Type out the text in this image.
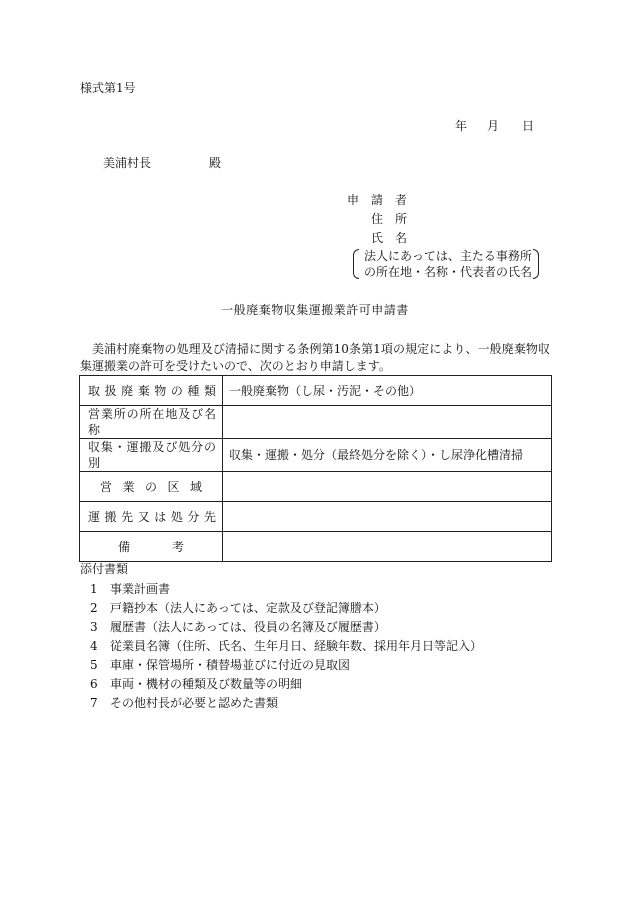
様式第1号
年 月 日
美浦村長	殿
申　請　者
住　所
氏　名
法人にあっては、主たる事務所
の所在地・名称・代表者の氏名
一般廃棄物収集運搬業許可申請書
美浦村廃棄物の処理及び清掃に関する条例第10条第1項の規定により、一般廃棄物収集運搬業の許可を受けたいので、次のとおり申請します。
取扱廃棄物の種類	一般廃棄物（し尿・汚泥・その他）
営業所の所在地及び名称	
収集・運搬及び処分の別	収集・運搬・処分（最終処分を除く）・し尿浄化槽清掃
営業の区域	
運搬先又は処分先	
備考	
添付書類
1 事業計画書
2 戸籍抄本（法人にあっては、定款及び登記簿謄本）
3 履歴書（法人にあっては、役員の名簿及び履歴書）
4 従業員名簿（住所、氏名、生年月日、経験年数、採用年月日等記入）
5 車庫・保管場所・積替場並びに付近の見取図
6 車両・機材の種類及び数量等の明細
7 その他村長が必要と認めた書類
